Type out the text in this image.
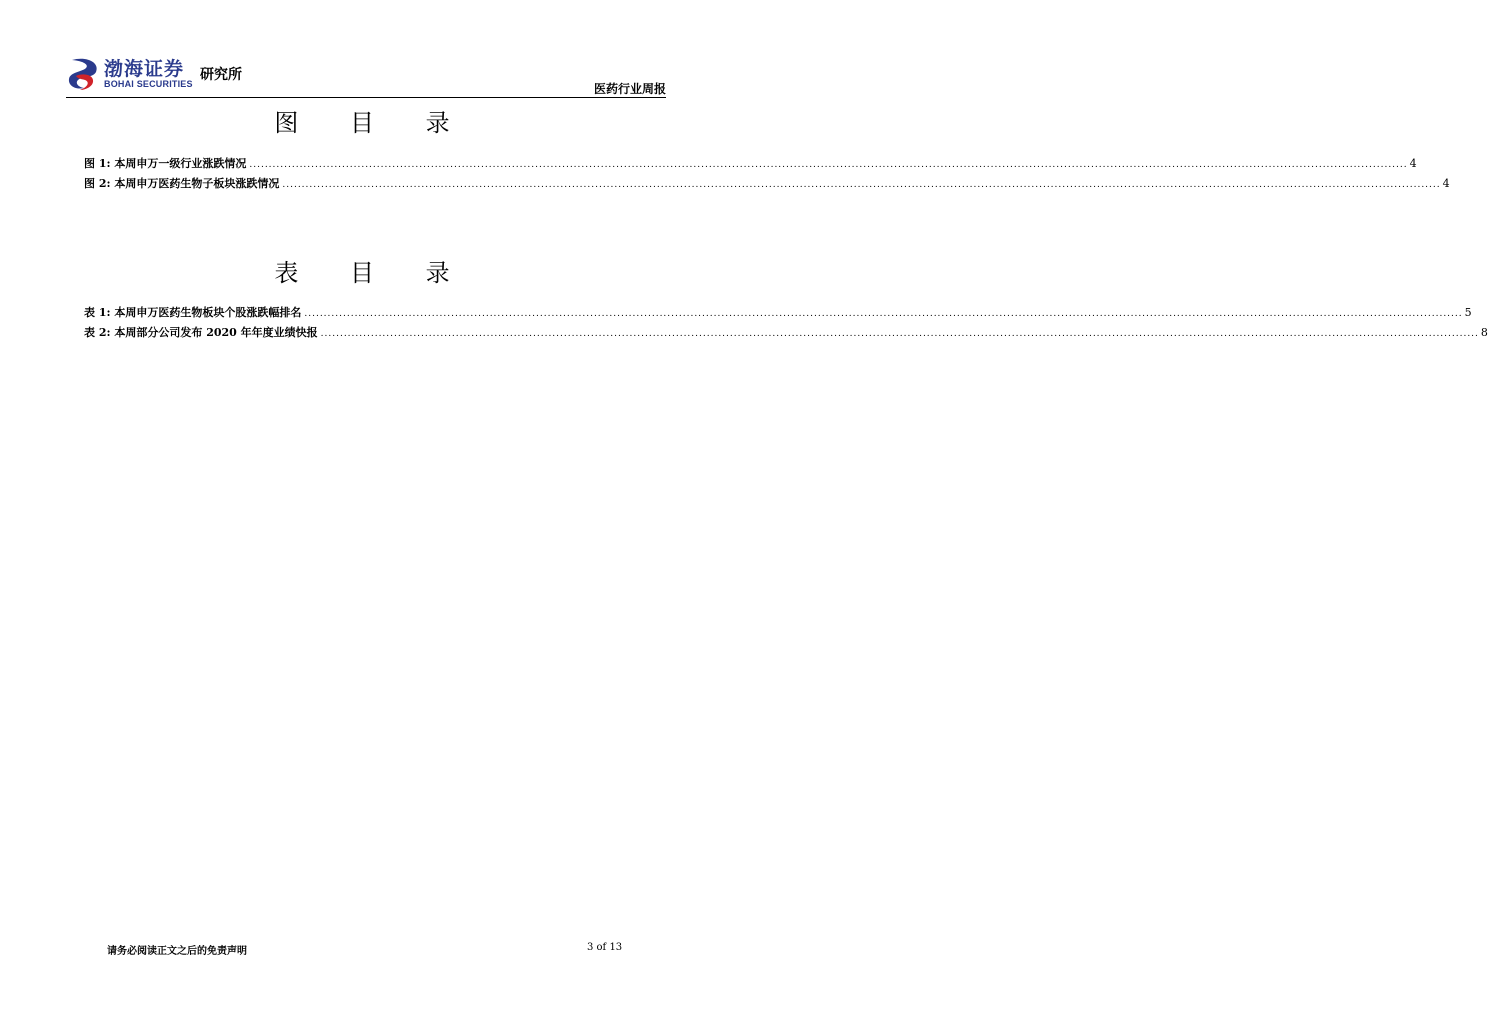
渤海证券
BOHAI SECURITIES
研究所
医药行业周报
图 目 录
图 1: 本周申万一级行业涨跌情况 ............................................................................................................................................................................................................................................................................................................ 4
图 2: 本周申万医药生物子板块涨跌情况 ............................................................................................................................................................................................................................................................................................................ 4
表 目 录
表 1: 本周申万医药生物板块个股涨跌幅排名 ............................................................................................................................................................................................................................................................................................................ 5
表 2: 本周部分公司发布 2020 年年度业绩快报 ............................................................................................................................................................................................................................................................................................................ 8
请务必阅读正文之后的免责声明	3 of 13
